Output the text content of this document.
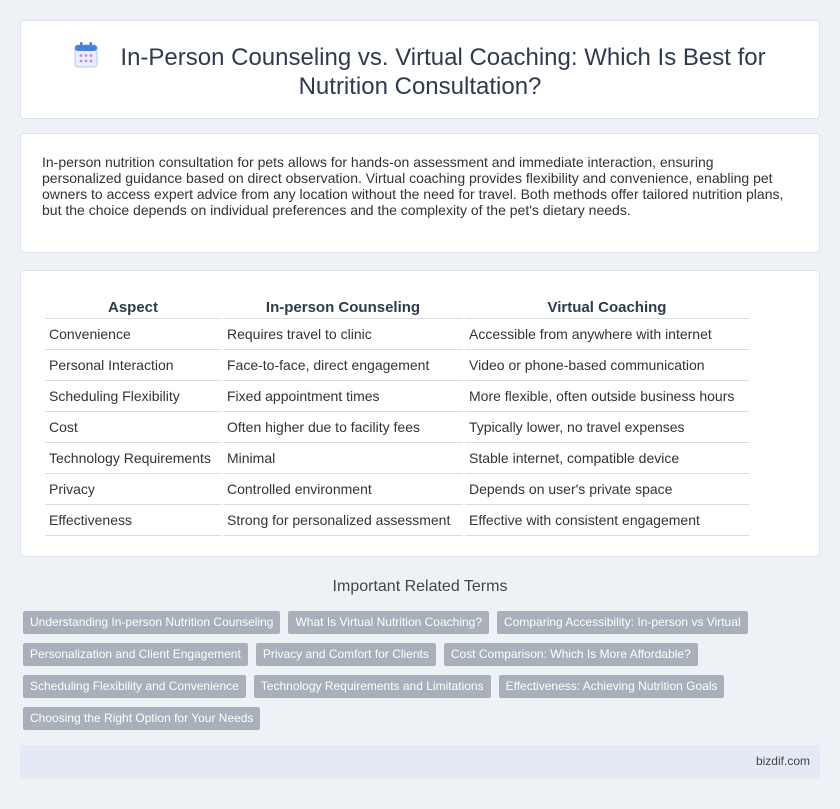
In-Person Counseling vs. Virtual Coaching: Which Is Best for
Nutrition Consultation?

In-person nutrition consultation for pets allows for hands-on assessment and immediate interaction, ensuring personalized guidance based on direct observation. Virtual coaching provides flexibility and convenience, enabling pet owners to access expert advice from any location without the need for travel. Both methods offer tailored nutrition plans, but the choice depends on individual preferences and the complexity of the pet's dietary needs.

Aspect	In-person Counseling	Virtual Coaching
Convenience	Requires travel to clinic	Accessible from anywhere with internet
Personal Interaction	Face-to-face, direct engagement	Video or phone-based communication
Scheduling Flexibility	Fixed appointment times	More flexible, often outside business hours
Cost	Often higher due to facility fees	Typically lower, no travel expenses
Technology Requirements	Minimal	Stable internet, compatible device
Privacy	Controlled environment	Depends on user's private space
Effectiveness	Strong for personalized assessment	Effective with consistent engagement
Important Related Terms
Understanding In-person Nutrition Counseling	What Is Virtual Nutrition Coaching?	Comparing Accessibility: In-person vs Virtual
Personalization and Client Engagement	Privacy and Comfort for Clients	Cost Comparison: Which Is More Affordable?
Scheduling Flexibility and Convenience	Technology Requirements and Limitations	Effectiveness: Achieving Nutrition Goals
Choosing the Right Option for Your Needs
bizdif.com
